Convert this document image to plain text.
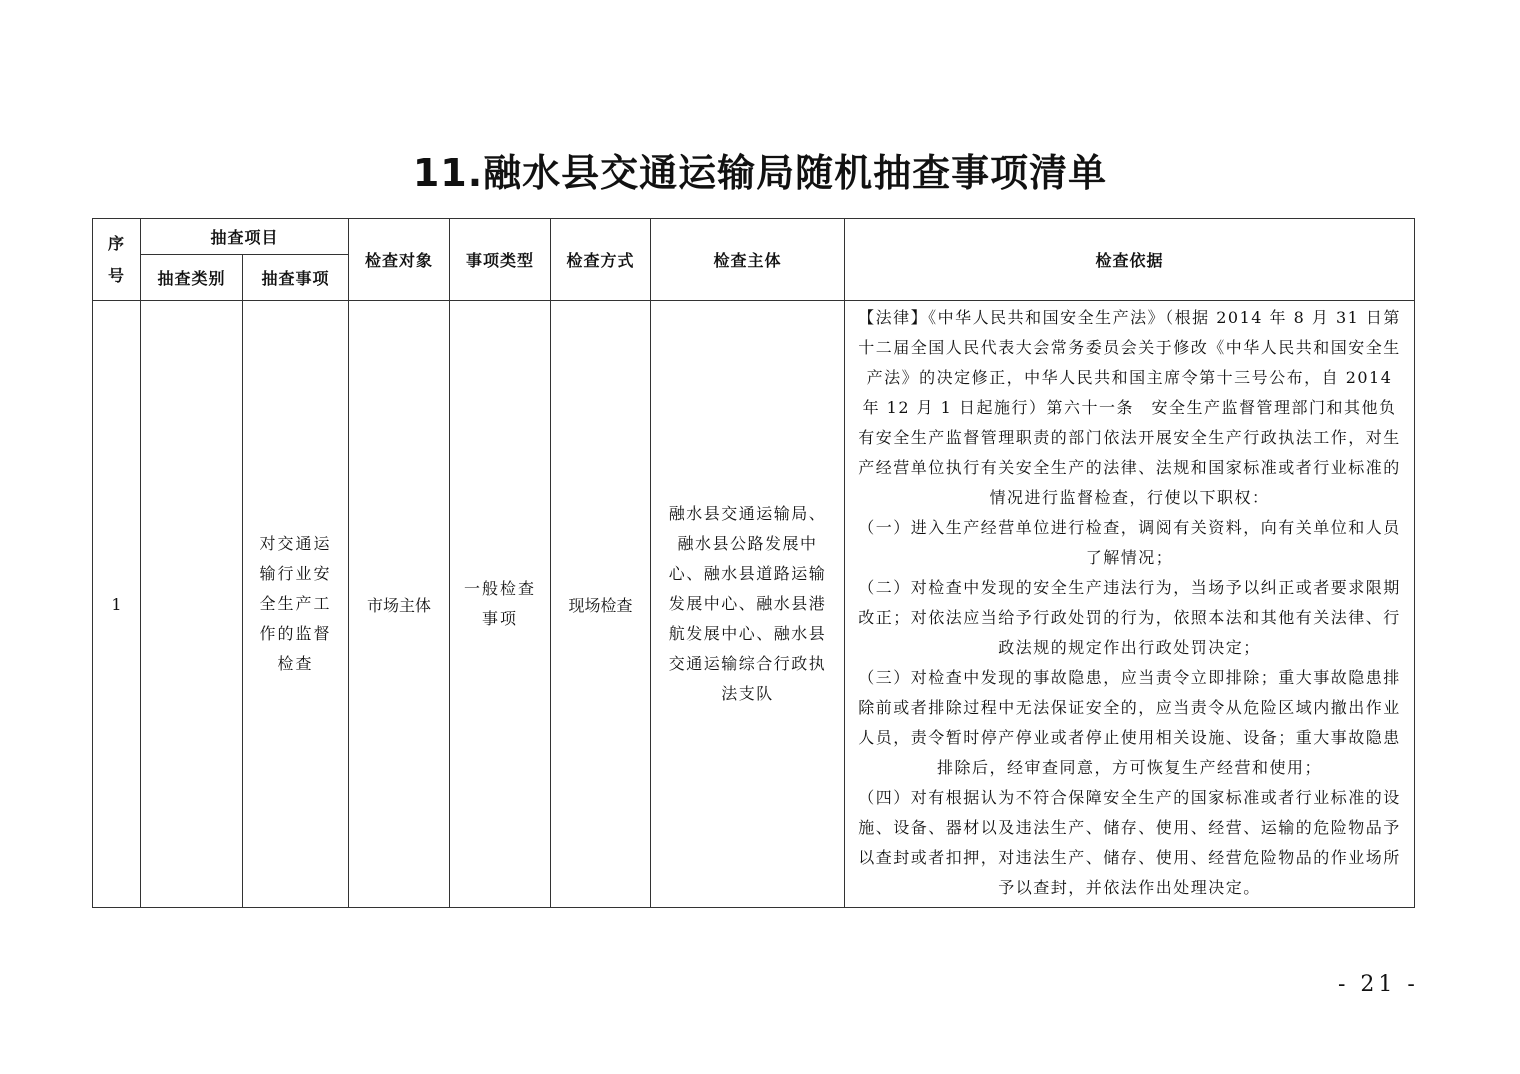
11.融水县交通运输局随机抽查事项清单
序号	抽查项目		检查对象	事项类型	检查方式	检查主体	检查依据
	抽查类别	抽查事项					
1		对交通运输行业安全生产工作的监督检查	市场主体	一般检查事项	现场检查	融水县交通运输局、融水县公路发展中心、融水县道路运输发展中心、融水县港航发展中心、融水县交通运输综合行政执法支队	【法律】《中华人民共和国安全生产法》（根据 2014 年 8 月 31 日第十二届全国人民代表大会常务委员会关于修改《中华人民共和国安全生产法》的决定修正，中华人民共和国主席令第十三号公布，自 2014 年 12 月 1 日起施行）第六十一条　安全生产监督管理部门和其他负有安全生产监督管理职责的部门依法开展安全生产行政执法工作，对生产经营单位执行有关安全生产的法律、法规和国家标准或者行业标准的情况进行监督检查，行使以下职权：

（一）进入生产经营单位进行检查，调阅有关资料，向有关单位和人员了解情况；

（二）对检查中发现的安全生产违法行为，当场予以纠正或者要求限期改正；对依法应当给予行政处罚的行为，依照本法和其他有关法律、行政法规的规定作出行政处罚决定；

（三）对检查中发现的事故隐患，应当责令立即排除；重大事故隐患排除前或者排除过程中无法保证安全的，应当责令从危险区域内撤出作业人员，责令暂时停产停业或者停止使用相关设施、设备；重大事故隐患排除后，经审查同意，方可恢复生产经营和使用；

（四）对有根据认为不符合保障安全生产的国家标准或者行业标准的设施、设备、器材以及违法生产、储存、使用、经营、运输的危险物品予以查封或者扣押，对违法生产、储存、使用、经营危险物品的作业场所予以查封，并依法作出处理决定。

- 21 -
